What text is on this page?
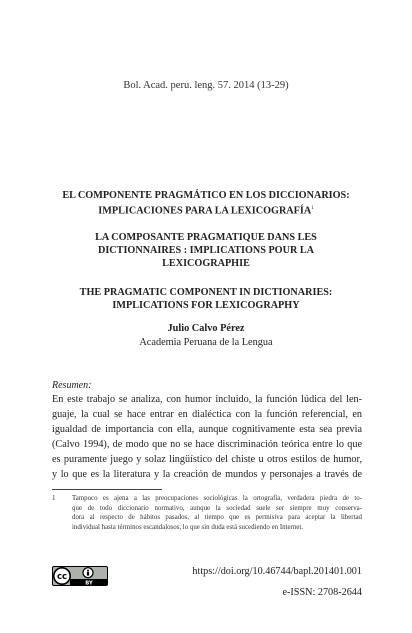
Bol. Acad. peru. leng. 57. 2014 (13-29)
EL COMPONENTE PRAGMÁTICO EN LOS DICCIONARIOS:
IMPLICACIONES PARA LA LEXICOGRAFÍA$^1$
LA COMPOSANTE PRAGMATIQUE DANS LES
DICTIONNAIRES : IMPLICATIONS POUR LA
LEXICOGRAPHIE
THE PRAGMATIC COMPONENT IN DICTIONARIES:
IMPLICATIONS FOR LEXICOGRAPHY
Julio Calvo Pérez
Academia Peruana de la Lengua
Resumen:
En este trabajo se analiza, con humor incluido, la función lúdica del len-
guaje, la cual se hace entrar en dialéctica con la función referencial, en
igualdad de importancia con ella, aunque cognitivamente esta sea previa
(Calvo 1994), de modo que no se hace discriminación teórica entre lo que
es puramente juego y solaz lingüístico del chiste u otros estilos de humor,
y lo que es la literatura y la creación de mundos y personajes a través de
1 Tampoco es ajena a las preocupaciones sociológicas la ortografía, verdadera piedra de to-
que de todo diccionario normativo, aunque la sociedad suele ser siempre muy conserva-
dora al respecto de hábitos pasados, al tiempo que es permisiva para aceptar la libertad
individual hasta términos escandalosos, lo que sin duda está sucediendo en Internet.
cc
BY
https://doi.org/10.46744/bapl.201401.001
e-ISSN: 2708-2644
